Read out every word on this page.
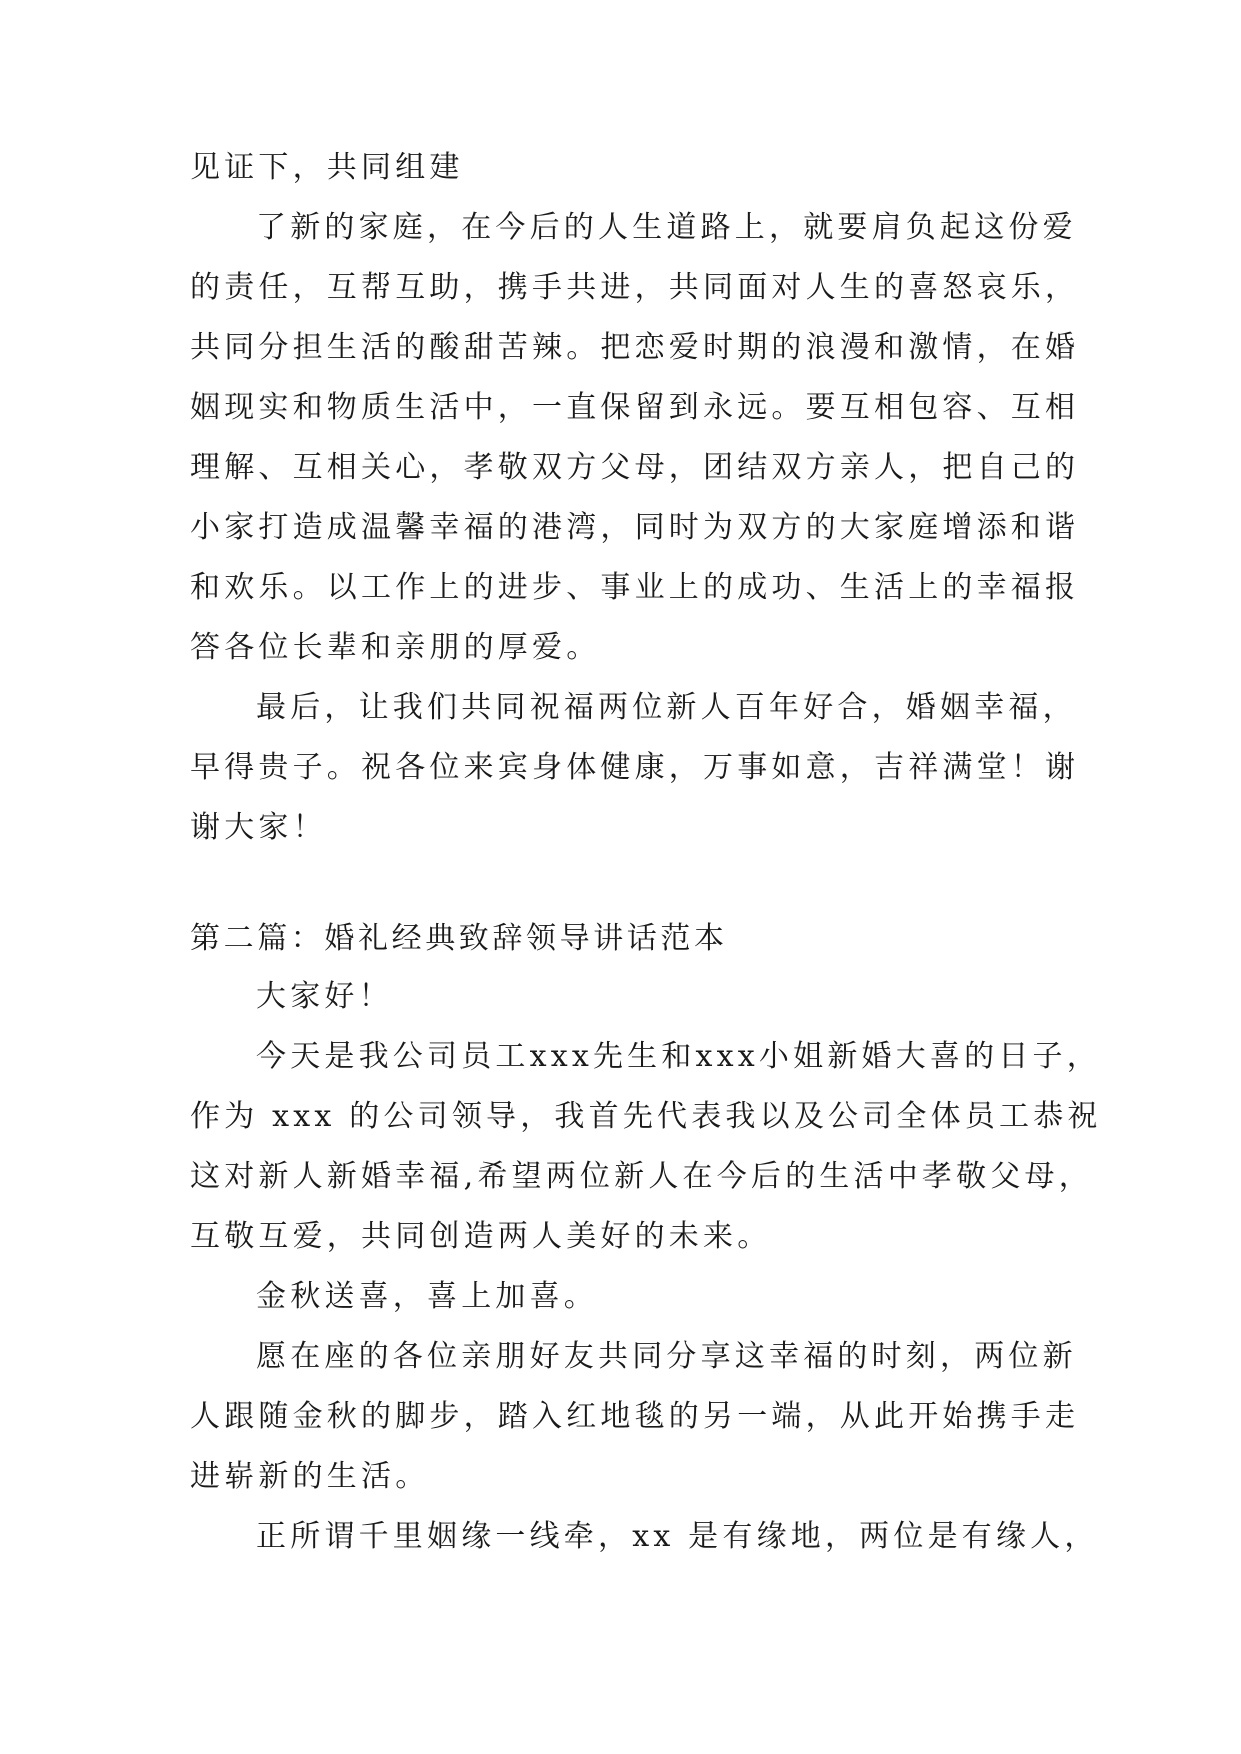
见证下，共同组建
了新的家庭，在今后的人生道路上，就要肩负起这份爱
的责任，互帮互助，携手共进，共同面对人生的喜怒哀乐，
共同分担生活的酸甜苦辣。把恋爱时期的浪漫和激情，在婚
姻现实和物质生活中，一直保留到永远。要互相包容、互相
理解、互相关心，孝敬双方父母，团结双方亲人，把自己的
小家打造成温馨幸福的港湾，同时为双方的大家庭增添和谐
和欢乐。以工作上的进步、事业上的成功、生活上的幸福报
答各位长辈和亲朋的厚爱。
最后，让我们共同祝福两位新人百年好合，婚姻幸福，
早得贵子。祝各位来宾身体健康，万事如意，吉祥满堂！谢
谢大家！
第二篇：婚礼经典致辞领导讲话范本
大家好！
今天是我公司员工xxx先生和xxx小姐新婚大喜的日子，
作为 xxx 的公司领导，我首先代表我以及公司全体员工恭祝
这对新人新婚幸福,希望两位新人在今后的生活中孝敬父母，
互敬互爱，共同创造两人美好的未来。
金秋送喜，喜上加喜。
愿在座的各位亲朋好友共同分享这幸福的时刻，两位新
人跟随金秋的脚步，踏入红地毯的另一端，从此开始携手走
进崭新的生活。
正所谓千里姻缘一线牵，xx 是有缘地，两位是有缘人，
